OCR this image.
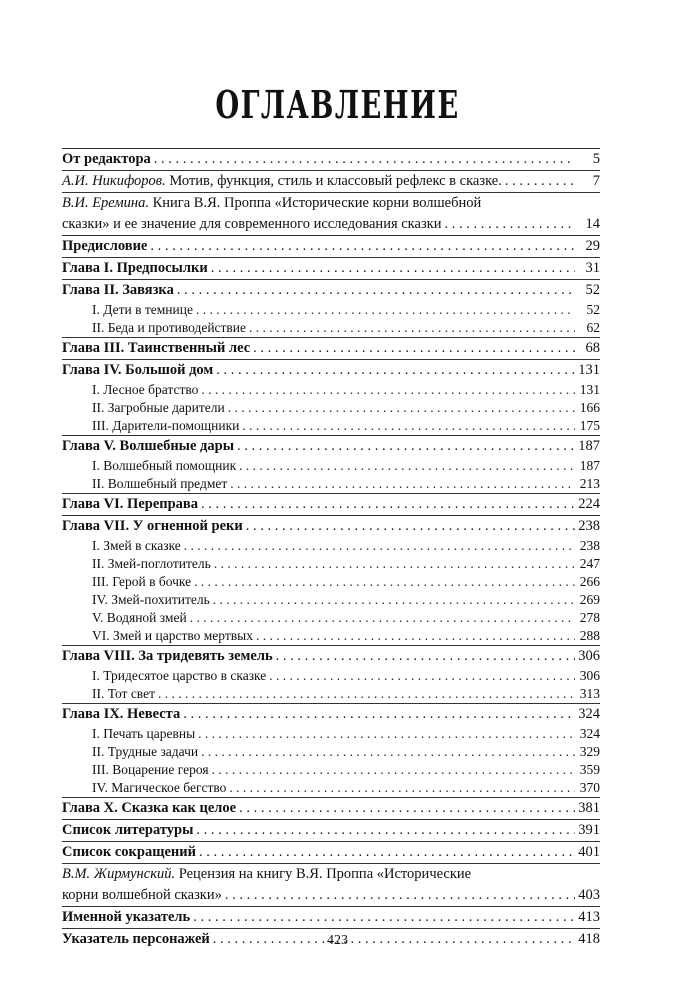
ОГЛАВЛЕНИЕ
От редактора . . .	5
А.И. Никифоров. Мотив, функция, стиль и классовый рефлекс в сказке. . . .	7
В.И. Еремина. Книга В.Я. Проппа «Исторические корни волшебной
сказки» и ее значение для современного исследования сказки . . .	14
Предисловие . . .	29
Глава I. Предпосылки . . .	31
Глава II. Завязка . . .	52
I. Дети в темнице . . .	52
II. Беда и противодействие . . .	62
Глава III. Таинственный лес . . .	68
Глава IV. Большой дом . . .	131
I. Лесное братство . . .	131
II. Загробные дарители . . .	166
III. Дарители-помощники . . .	175
Глава V. Волшебные дары . . .	187
I. Волшебный помощник . . .	187
II. Волшебный предмет . . .	213
Глава VI. Переправа . . .	224
Глава VII. У огненной реки . . .	238
I. Змей в сказке . . .	238
II. Змей-поглотитель . . .	247
III. Герой в бочке . . .	266
IV. Змей-похититель . . .	269
V. Водяной змей . . .	278
VI. Змей и царство мертвых . . .	288
Глава VIII. За тридевять земель . . .	306
I. Тридесятое царство в сказке . . .	306
II. Тот свет . . .	313
Глава IX. Невеста . . .	324
I. Печать царевны . . .	324
II. Трудные задачи . . .	329
III. Воцарение героя . . .	359
IV. Магическое бегство . . .	370
Глава X. Сказка как целое . . .	381
Список литературы . . .	391
Список сокращений . . .	401
В.М. Жирмунский. Рецензия на книгу В.Я. Проппа «Исторические
корни волшебной сказки» . . .	403
Именной указатель . . .	413
Указатель персонажей . . .	418
423
